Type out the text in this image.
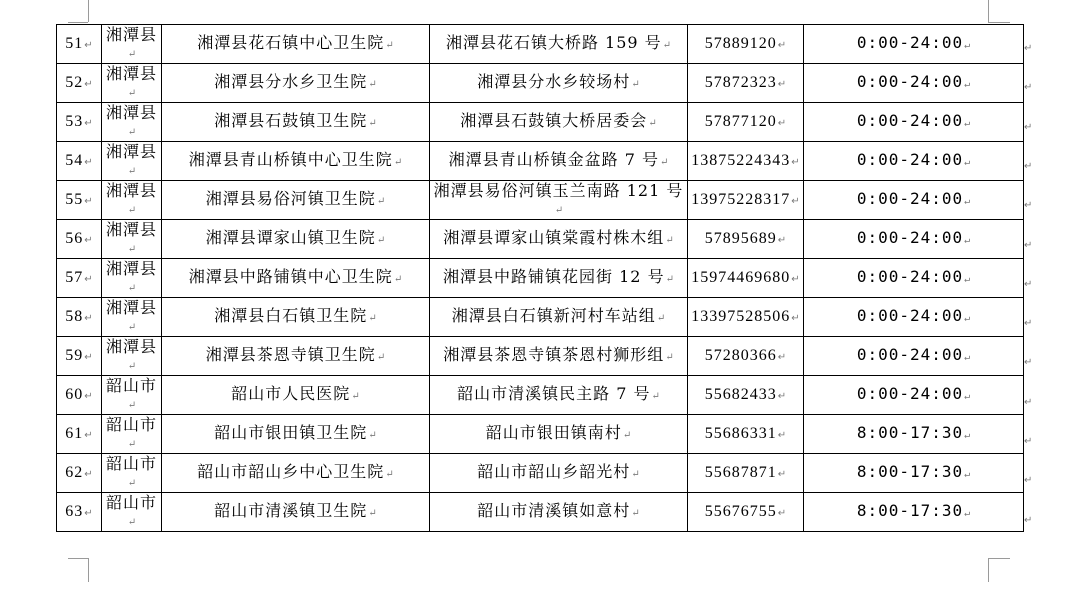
51↵	湘潭县↵	湘潭县花石镇中心卫生院↵	湘潭县花石镇大桥路 159 号↵	57889120↵	0:00-24:00↵
52↵	湘潭县↵	湘潭县分水乡卫生院↵	湘潭县分水乡较场村↵	57872323↵	0:00-24:00↵
53↵	湘潭县↵	湘潭县石鼓镇卫生院↵	湘潭县石鼓镇大桥居委会↵	57877120↵	0:00-24:00↵
54↵	湘潭县↵	湘潭县青山桥镇中心卫生院↵	湘潭县青山桥镇金盆路 7 号↵	13875224343↵	0:00-24:00↵
55↵	湘潭县↵	湘潭县易俗河镇卫生院↵	湘潭县易俗河镇玉兰南路 121 号↵	13975228317↵	0:00-24:00↵
56↵	湘潭县↵	湘潭县谭家山镇卫生院↵	湘潭县谭家山镇棠霞村株木组↵	57895689↵	0:00-24:00↵
57↵	湘潭县↵	湘潭县中路铺镇中心卫生院↵	湘潭县中路铺镇花园街 12 号↵	15974469680↵	0:00-24:00↵
58↵	湘潭县↵	湘潭县白石镇卫生院↵	湘潭县白石镇新河村车站组↵	13397528506↵	0:00-24:00↵
59↵	湘潭县↵	湘潭县茶恩寺镇卫生院↵	湘潭县茶恩寺镇茶恩村狮形组↵	57280366↵	0:00-24:00↵
60↵	韶山市↵	韶山市人民医院↵	韶山市清溪镇民主路 7 号↵	55682433↵	0:00-24:00↵
61↵	韶山市↵	韶山市银田镇卫生院↵	韶山市银田镇南村↵	55686331↵	8:00-17:30↵
62↵	韶山市↵	韶山市韶山乡中心卫生院↵	韶山市韶山乡韶光村↵	55687871↵	8:00-17:30↵
63↵	韶山市↵	韶山市清溪镇卫生院↵	韶山市清溪镇如意村↵	55676755↵	8:00-17:30↵
↵
↵
↵
↵
↵
↵
↵
↵
↵
↵
↵
↵
↵
